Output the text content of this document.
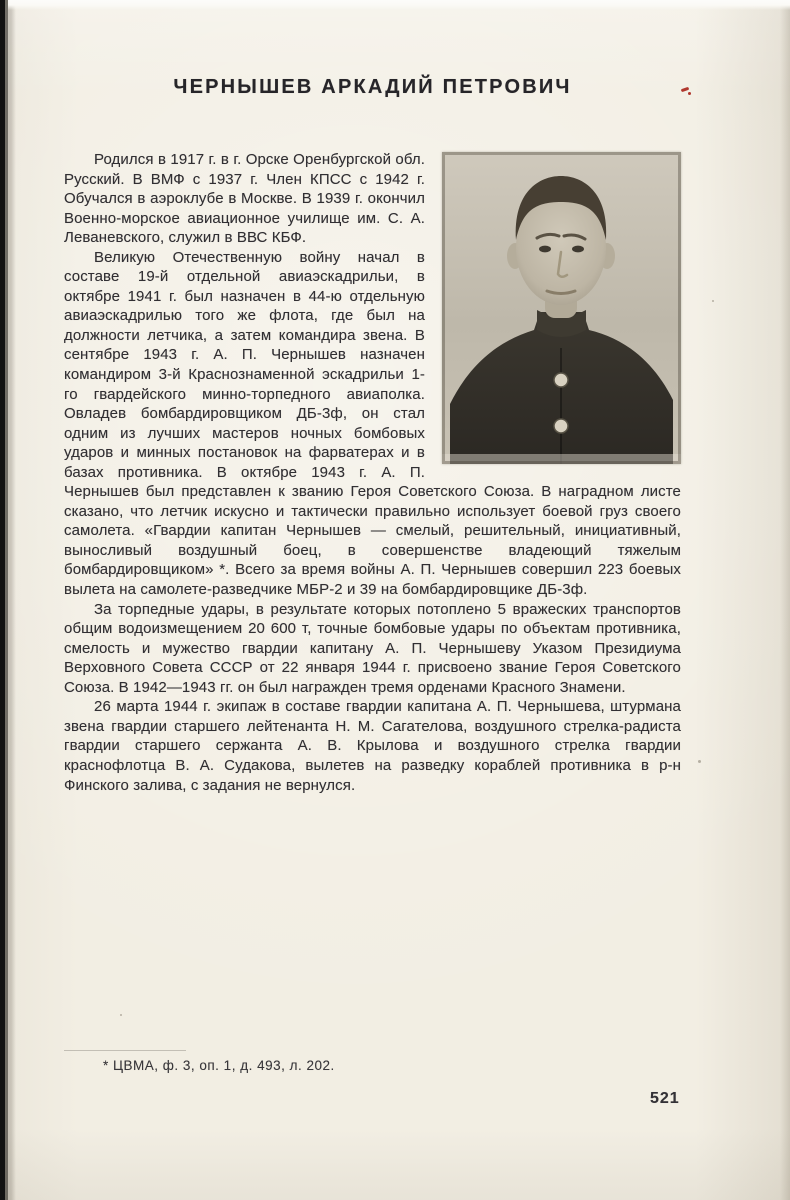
ЧЕРНЫШЕВ АРКАДИЙ ПЕТРОВИЧ

Родился в 1917 г. в г. Орске Оренбургской обл. Русский. В ВМФ с 1937 г. Член КПСС с 1942 г. Обучался в аэроклубе в Москве. В 1939 г. окончил Военно-морское авиационное училище им. С. А. Леваневского, служил в ВВС КБФ.

Великую Отечественную войну начал в составе 19-й отдельной авиаэскадрильи, в октябре 1941 г. был назначен в 44-ю отдельную авиаэскадрилью того же флота, где был на должности летчика, а затем командира звена. В сентябре 1943 г. А. П. Чернышев назначен командиром 3-й Краснознаменной эскадрильи 1-го гвардейского минно-торпедного авиаполка. Овладев бомбардировщиком ДБ-3ф, он стал одним из лучших мастеров ночных бомбовых ударов и минных постановок на фарватерах и в базах противника. В октябре 1943 г. А. П. Чернышев был представлен к званию Героя Советского Союза. В наградном листе сказано, что летчик искусно и тактически правильно использует боевой груз своего самолета. «Гвардии капитан Чернышев — смелый, решительный, инициативный, выносливый воздушный боец, в совершенстве владеющий тяжелым бомбардировщиком» *. Всего за время войны А. П. Чернышев совершил 223 боевых вылета на самолете-разведчике МБР-2 и 39 на бомбардировщике ДБ-3ф.

За торпедные удары, в результате которых потоплено 5 вражеских транспортов общим водоизмещением 20 600 т, точные бомбовые удары по объектам противника, смелость и мужество гвардии капитану А. П. Чернышеву Указом Президиума Верховного Совета СССР от 22 января 1944 г. присвоено звание Героя Советского Союза. В 1942—1943 гг. он был награжден тремя орденами Красного Знамени.

26 марта 1944 г. экипаж в составе гвардии капитана А. П. Чернышева, штурмана звена гвардии старшего лейтенанта Н. М. Сагателова, воздушного стрелка-радиста гвардии старшего сержанта А. В. Крылова и воздушного стрелка гвардии краснофлотца В. А. Судакова, вылетев на разведку кораблей противника в р-н Финского залива, с задания не вернулся.

* ЦВМА, ф. 3, оп. 1, д. 493, л. 202.
521
